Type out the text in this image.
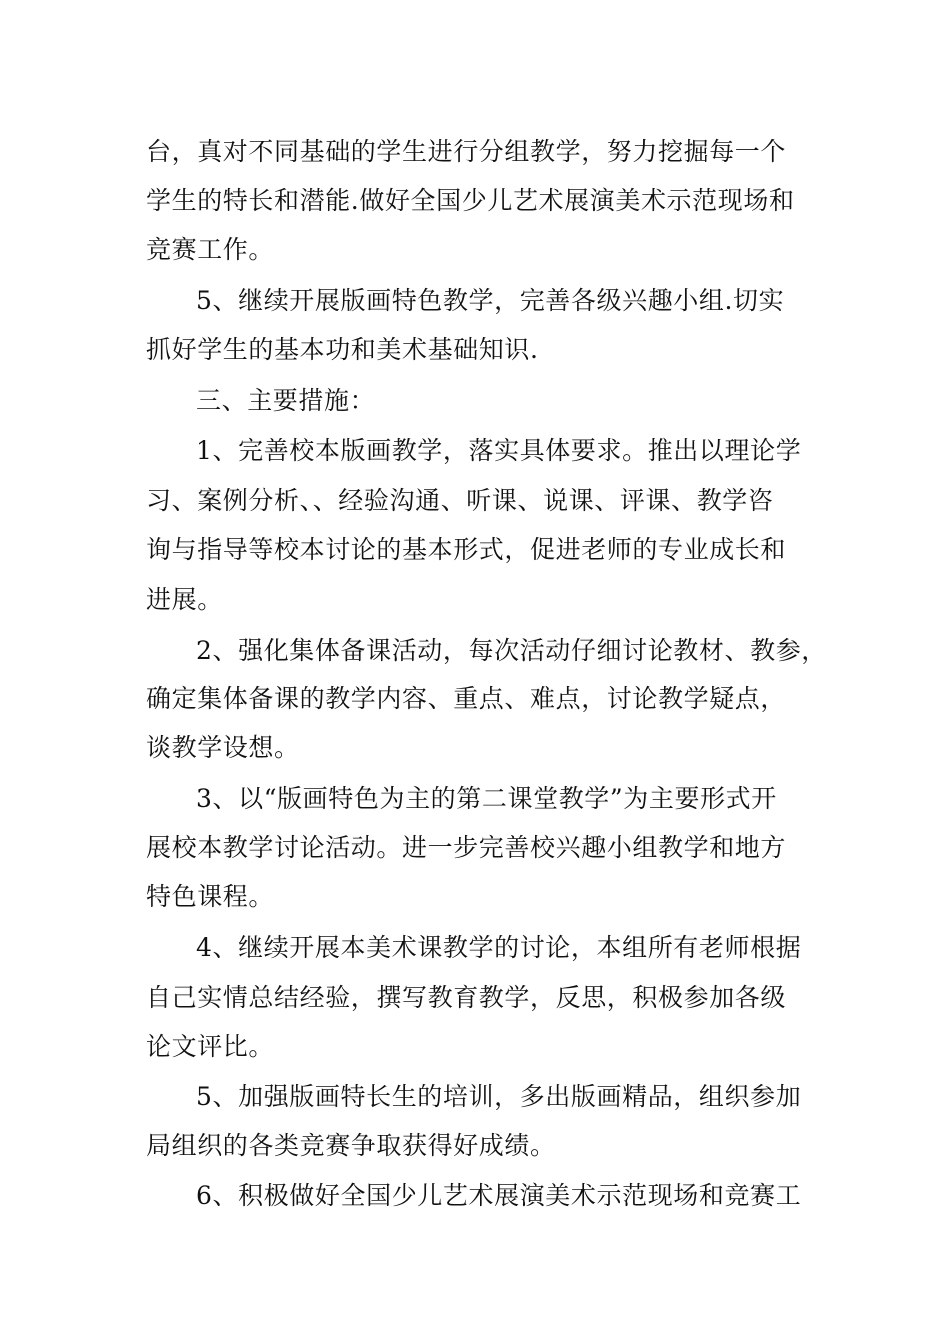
台，真对不同基础的学生进行分组教学，努力挖掘每一个
学生的特长和潜能.做好全国少儿艺术展演美术示范现场和
竞赛工作。
5、继续开展版画特色教学，完善各级兴趣小组.切实
抓好学生的基本功和美术基础知识.
三、主要措施：
1、完善校本版画教学，落实具体要求。推出以理论学
习、案例分析、、经验沟通、听课、说课、评课、教学咨
询与指导等校本讨论的基本形式，促进老师的专业成长和
进展。
2、强化集体备课活动，每次活动仔细讨论教材、教参，
确定集体备课的教学内容、重点、难点，讨论教学疑点，
谈教学设想。
3、以“版画特色为主的第二课堂教学”为主要形式开
展校本教学讨论活动。进一步完善校兴趣小组教学和地方
特色课程。
4、继续开展本美术课教学的讨论，本组所有老师根据
自己实情总结经验，撰写教育教学，反思，积极参加各级
论文评比。
5、加强版画特长生的培训，多出版画精品，组织参加
局组织的各类竞赛争取获得好成绩。
6、积极做好全国少儿艺术展演美术示范现场和竞赛工
